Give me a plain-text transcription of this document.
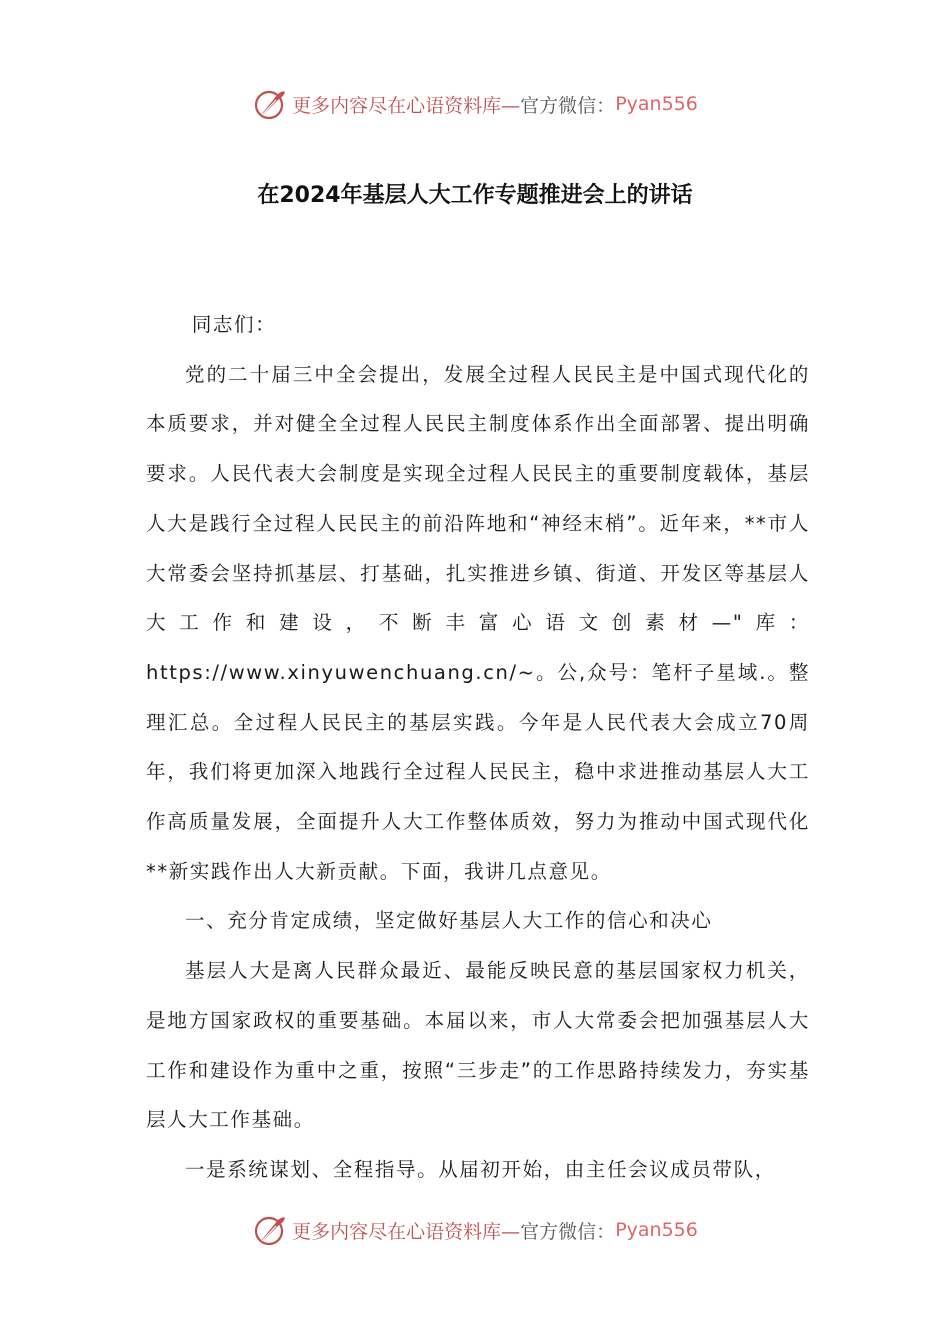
更多内容尽在心语资料库— 官方微信： Pyan556
在2024年基层人大工作专题推进会上的讲话

同志们：

党的二十届三中全会提出，发展全过程人民民主是中国式现代化的本质要求，并对健全全过程人民民主制度体系作出全面部署、提出明确要求。人民代表大会制度是实现全过程人民民主的重要制度载体，基层人大是践行全过程人民民主的前沿阵地和“神经末梢”。近年来，**市人大常委会坚持抓基层、打基础，扎实推进乡镇、街道、开发区等基层人大工作和建设，不断丰富心语文创素材—"库：https://www.xinyuwenchuang.cn/~。公,众号：笔杆子星域.。整理汇总。全过程人民民主的基层实践。今年是人民代表大会成立70周年，我们将更加深入地践行全过程人民民主，稳中求进推动基层人大工作高质量发展，全面提升人大工作整体质效，努力为推动中国式现代化**新实践作出人大新贡献。下面，我讲几点意见。

一、充分肯定成绩，坚定做好基层人大工作的信心和决心

基层人大是离人民群众最近、最能反映民意的基层国家权力机关，是地方国家政权的重要基础。本届以来，市人大常委会把加强基层人大工作和建设作为重中之重，按照“三步走”的工作思路持续发力，夯实基层人大工作基础。

一是系统谋划、全程指导。从届初开始，由主任会议成员带队，

更多内容尽在心语资料库— 官方微信： Pyan556
